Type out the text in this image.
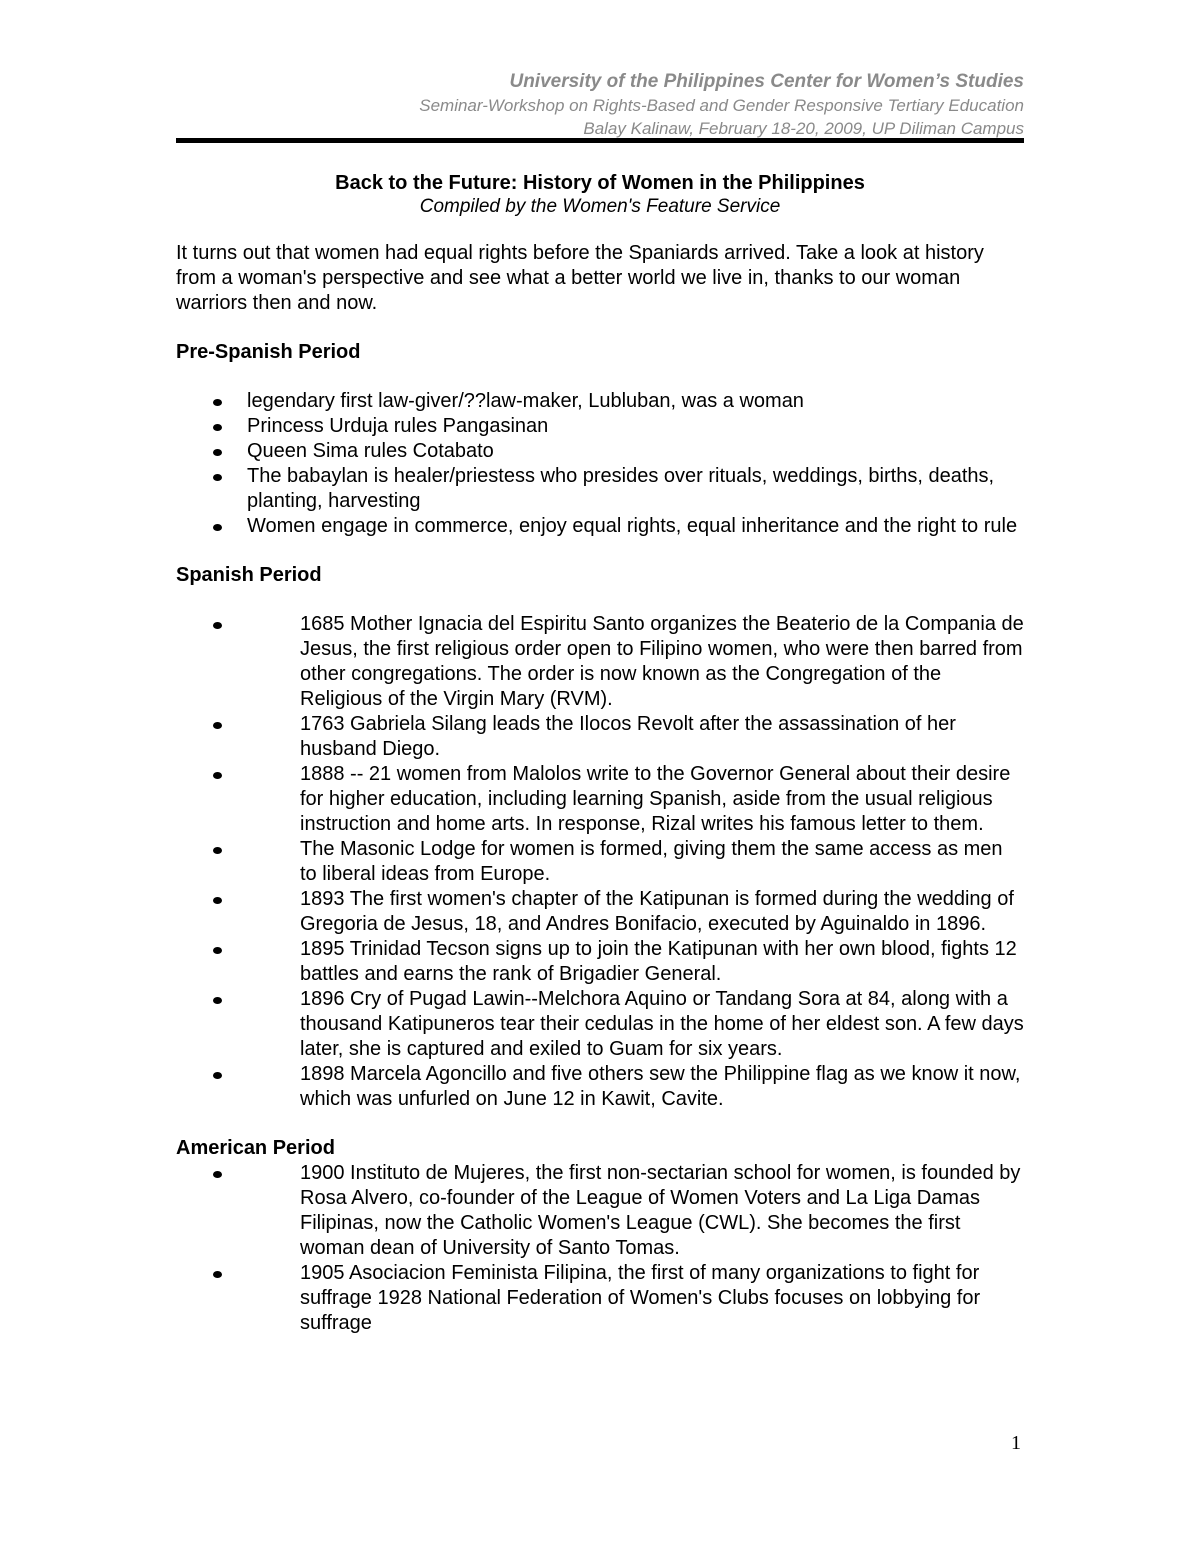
University of the Philippines Center for Women’s Studies
Seminar-Workshop on Rights-Based and Gender Responsive Tertiary Education
Balay Kalinaw, February 18-20, 2009, UP Diliman Campus
Back to the Future: History of Women in the Philippines
Compiled by the Women's Feature Service

It turns out that women had equal rights before the Spaniards arrived. Take a look at history from a woman's perspective and see what a better world we live in, thanks to our woman warriors then and now.

Pre-Spanish Period
legendary first law-giver/??law-maker, Lubluban, was a woman
Princess Urduja rules Pangasinan
Queen Sima rules Cotabato
The babaylan is healer/priestess who presides over rituals, weddings, births, deaths, planting, harvesting
Women engage in commerce, enjoy equal rights, equal inheritance and the right to rule
Spanish Period
1685 Mother Ignacia del Espiritu Santo organizes the Beaterio de la Compania de Jesus, the first religious order open to Filipino women, who were then barred from other congregations. The order is now known as the Congregation of the Religious of the Virgin Mary (RVM).
1763 Gabriela Silang leads the Ilocos Revolt after the assassination of her husband Diego.
1888 -- 21 women from Malolos write to the Governor General about their desire for higher education, including learning Spanish, aside from the usual religious instruction and home arts. In response, Rizal writes his famous letter to them.
The Masonic Lodge for women is formed, giving them the same access as men to liberal ideas from Europe.
1893 The first women's chapter of the Katipunan is formed during the wedding of Gregoria de Jesus, 18, and Andres Bonifacio, executed by Aguinaldo in 1896.
1895 Trinidad Tecson signs up to join the Katipunan with her own blood, fights 12 battles and earns the rank of Brigadier General.
1896 Cry of Pugad Lawin--Melchora Aquino or Tandang Sora at 84, along with a thousand Katipuneros tear their cedulas in the home of her eldest son. A few days later, she is captured and exiled to Guam for six years.
1898 Marcela Agoncillo and five others sew the Philippine flag as we know it now, which was unfurled on June 12 in Kawit, Cavite.
American Period
1900 Instituto de Mujeres, the first non-sectarian school for women, is founded by Rosa Alvero, co-founder of the League of Women Voters and La Liga Damas Filipinas, now the Catholic Women's League (CWL). She becomes the first woman dean of University of Santo Tomas.
1905 Asociacion Feminista Filipina, the first of many organizations to fight for suffrage 1928 National Federation of Women's Clubs focuses on lobbying for suffrage
1
